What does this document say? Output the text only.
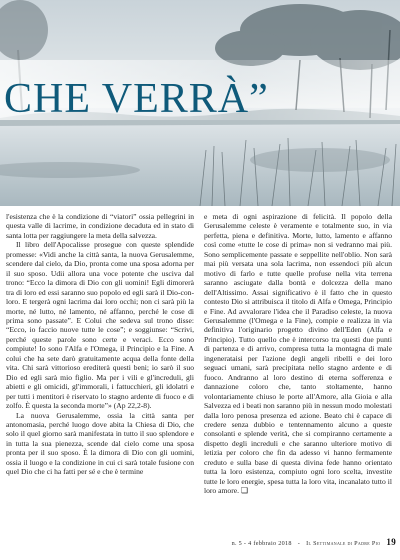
CHE VERRÀ”

l'esistenza che è la condizione di “viatori” ossia pellegrini in questa valle di lacrime, in condizione decaduta ed in stato di santa lotta per raggiungere la meta della salvezza.

Il libro dell'Apocalisse prosegue con queste splendide promesse: «Vidi anche la città santa, la nuova Gerusalemme, scendere dal cielo, da Dio, pronta come una sposa adorna per il suo sposo. Udii allora una voce potente che usciva dal trono: “Ecco la dimora di Dio con gli uomini! Egli dimorerà tra di loro ed essi saranno suo popolo ed egli sarà il Dio-con-loro. E tergerà ogni lacrima dai loro occhi; non ci sarà più la morte, né lutto, né lamento, né affanno, perché le cose di prima sono passate”. E Colui che sedeva sul trono disse: “Ecco, io faccio nuove tutte le cose”; e soggiunse: “Scrivi, perché queste parole sono certe e veraci. Ecco sono compiute! Io sono l'Alfa e l'Omega, il Principio e la Fine. A colui che ha sete darò gratuitamente acqua della fonte della vita. Chi sarà vittorioso erediterà questi beni; io sarò il suo Dio ed egli sarà mio figlio. Ma per i vili e gl'increduli, gli abietti e gli omicidi, gl'immorali, i fattucchieri, gli idolatri e per tutti i mentitori è riservato lo stagno ardente di fuoco e di zolfo. È questa la seconda morte”» (Ap 22,2-8).

La nuova Gerusalemme, ossia la città santa per antonomasia, perché luogo dove abita la Chiesa di Dio, che solo il quel giorno sarà manifestata in tutto il suo splendore e in tutta la sua pienezza, scende dal cielo come una sposa pronta per il suo sposo. È la dimora di Dio con gli uomini, ossia il luogo e la condizione in cui ci sarà totale fusione con quel Dio che ci ha fatti per sé e che è termine

e meta di ogni aspirazione di felicità. Il popolo della Gerusalemme celeste è veramente e totalmente suo, in via perfetta, piena e definitiva. Morte, lutto, lamento e affanno così come «tutte le cose di prima» non si vedranno mai più. Sono semplicemente passate e seppellite nell'oblio. Non sarà mai più versata una sola lacrima, non essendoci più alcun motivo di farlo e tutte quelle profuse nella vita terrena saranno asciugate dalla bontà e dolcezza della mano dell'Altissimo. Assai significativo è il fatto che in questo contesto Dio si attribuisca il titolo di Alfa e Omega, Principio e Fine. Ad avvalorare l'idea che il Paradiso celeste, la nuova Gerusalemme (l'Omega e la Fine), compie e realizza in via definitiva l'originario progetto divino dell'Eden (Alfa e Principio). Tutto quello che è intercorso tra questi due punti di partenza e di arrivo, compresa tutta la montagna di male ingenerataisi per l'azione degli angeli ribelli e dei loro seguaci umani, sarà precipitata nello stagno ardente e di fuoco. Andranno al loro destino di eterna sofferenza e dannazione coloro che, tanto stoltamente, hanno volontariamente chiuso le porte all'Amore, alla Gioia e alla Salvezza ed i beati non saranno più in nessun modo molestati dalla loro penosa presenza ed azione. Beato chi è capace di credere senza dubbio e tentennamento alcuno a queste consolanti e splende verità, che si compiranno certamente a dispetto degli increduli e che saranno ulteriore motivo di letizia per coloro che fin da adesso vi hanno fermamente creduto e sulla base di questa divina fede hanno orientato tutta la loro esistenza, compiuto ogni loro scelta, investite tutte le loro energie, spesa tutta la loro vita, incanalato tutto il loro amore. ❏

n. 5 - 4 febbraio 2018 - Il Settimanale di Padre Pio 19
